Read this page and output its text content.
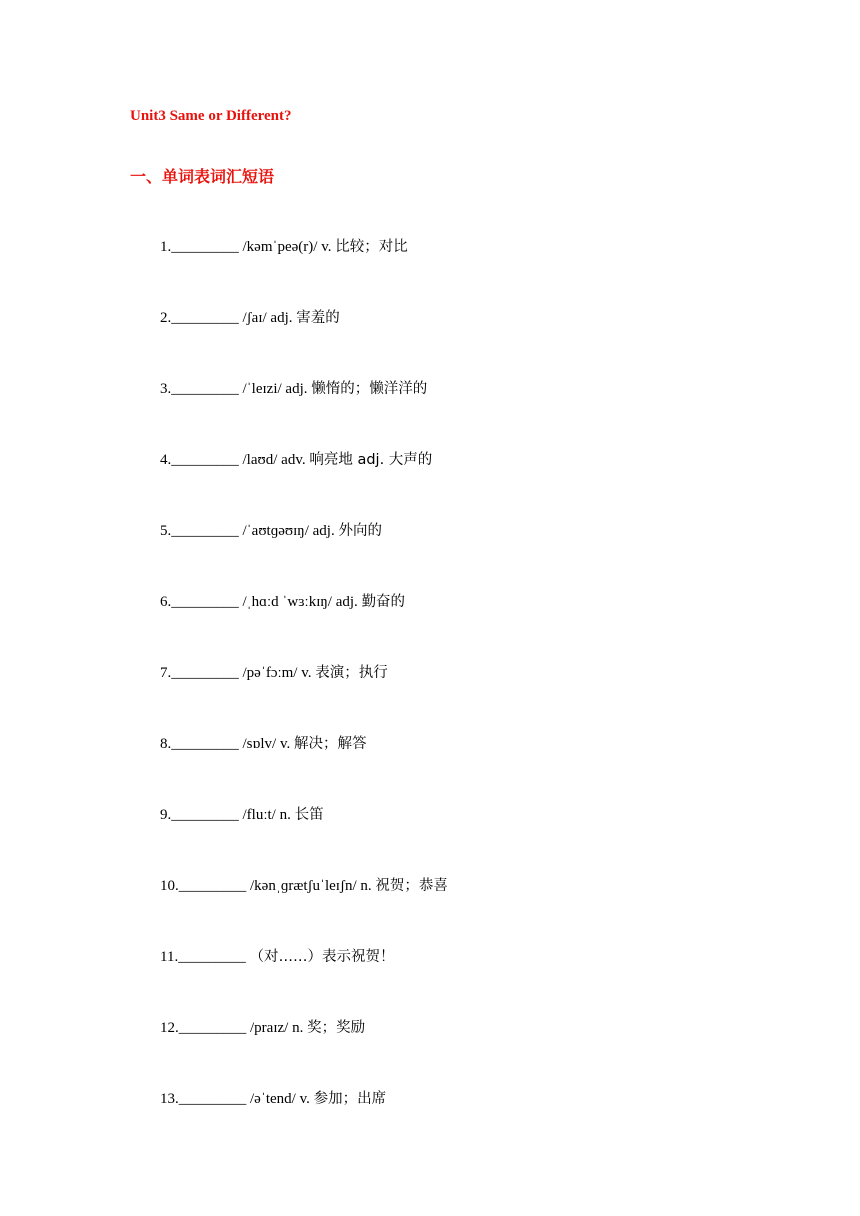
Unit3 Same or Different?
一、单词表词汇短语
1._________ /kəmˈpeə(r)/ v. 比较；对比
2._________ /ʃaɪ/ adj. 害羞的
3._________ /ˈleɪzi/ adj. 懒惰的；懒洋洋的
4._________ /laʊd/ adv. 响亮地 adj. 大声的
5._________ /ˈaʊtɡəʊɪŋ/ adj. 外向的
6._________ /ˌhɑːd ˈwɜːkɪŋ/ adj. 勤奋的
7._________ /pəˈfɔːm/ v. 表演；执行
8._________ /sɒlv/ v. 解决；解答
9._________ /fluːt/ n. 长笛
10._________ /kənˌɡrætʃuˈleɪʃn/ n. 祝贺；恭喜
11._________ （对……）表示祝贺！
12._________ /praɪz/ n. 奖；奖励
13._________ /əˈtend/ v. 参加；出席
